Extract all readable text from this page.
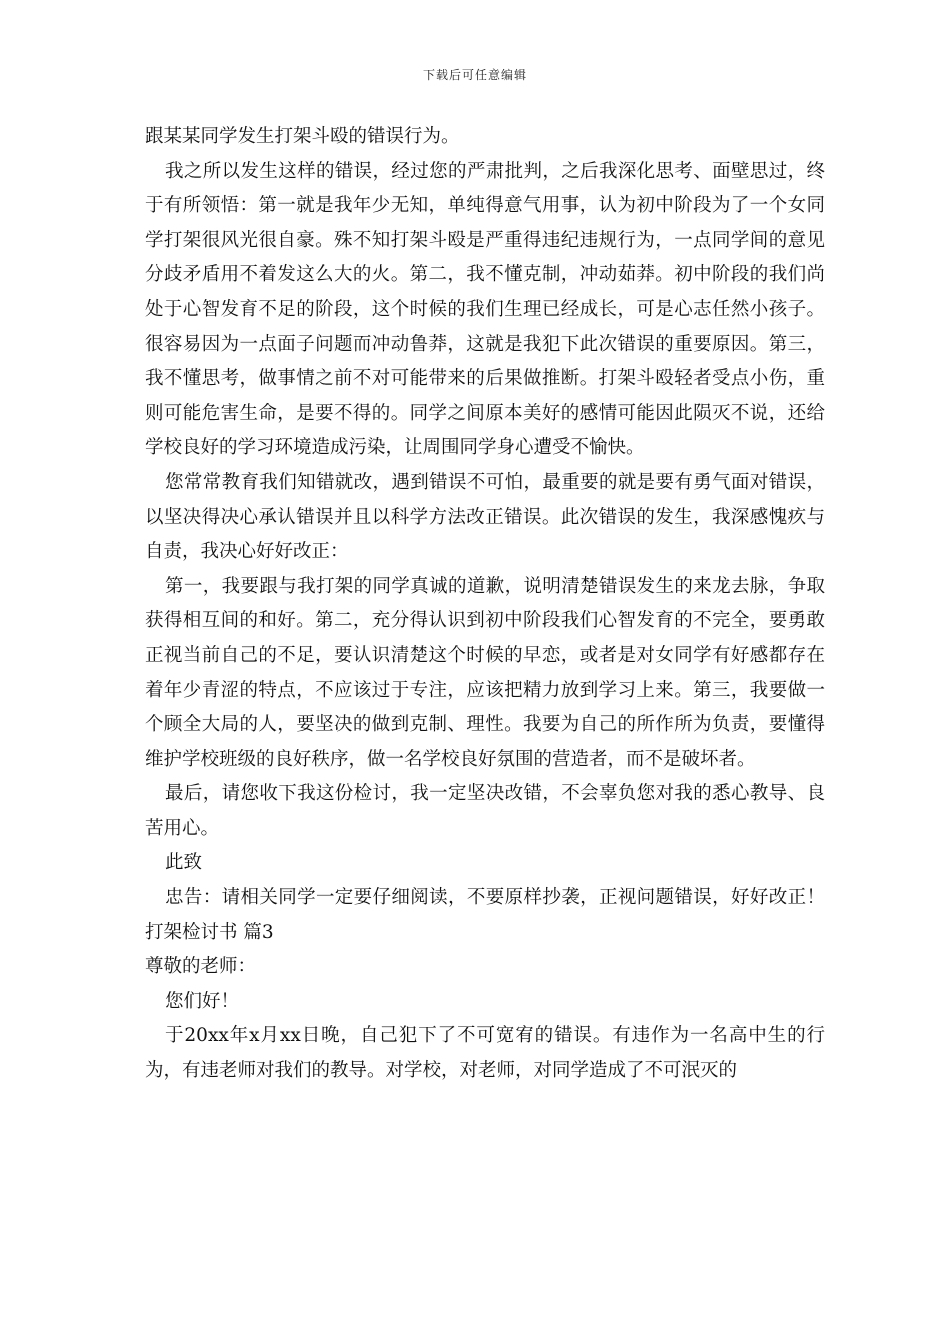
下载后可任意编辑

跟某某同学发生打架斗殴的错误行为。

我之所以发生这样的错误，经过您的严肃批判，之后我深化思考、面壁思过，终于有所领悟：第一就是我年少无知，单纯得意气用事，认为初中阶段为了一个女同学打架很风光很自豪。殊不知打架斗殴是严重得违纪违规行为，一点同学间的意见分歧矛盾用不着发这么大的火。第二，我不懂克制，冲动茹莽。初中阶段的我们尚处于心智发育不足的阶段，这个时候的我们生理已经成长，可是心志任然小孩子。很容易因为一点面子问题而冲动鲁莽，这就是我犯下此次错误的重要原因。第三，我不懂思考，做事情之前不对可能带来的后果做推断。打架斗殴轻者受点小伤，重则可能危害生命，是要不得的。同学之间原本美好的感情可能因此陨灭不说，还给学校良好的学习环境造成污染，让周围同学身心遭受不愉快。

您常常教育我们知错就改，遇到错误不可怕，最重要的就是要有勇气面对错误，以坚决得决心承认错误并且以科学方法改正错误。此次错误的发生，我深感愧疚与自责，我决心好好改正：

第一，我要跟与我打架的同学真诚的道歉，说明清楚错误发生的来龙去脉，争取获得相互间的和好。第二，充分得认识到初中阶段我们心智发育的不完全，要勇敢正视当前自己的不足，要认识清楚这个时候的早恋，或者是对女同学有好感都存在着年少青涩的特点，不应该过于专注，应该把精力放到学习上来。第三，我要做一个顾全大局的人，要坚决的做到克制、理性。我要为自己的所作所为负责，要懂得维护学校班级的良好秩序，做一名学校良好氛围的营造者，而不是破坏者。

最后，请您收下我这份检讨，我一定坚决改错，不会辜负您对我的悉心教导、良苦用心。

此致

忠告：请相关同学一定要仔细阅读，不要原样抄袭，正视问题错误，好好改正！打架检讨书 篇3

尊敬的老师：

您们好！

于20xx年x月xx日晚，自己犯下了不可宽宥的错误。有违作为一名高中生的行为，有违老师对我们的教导。对学校，对老师，对同学造成了不可泯灭的
